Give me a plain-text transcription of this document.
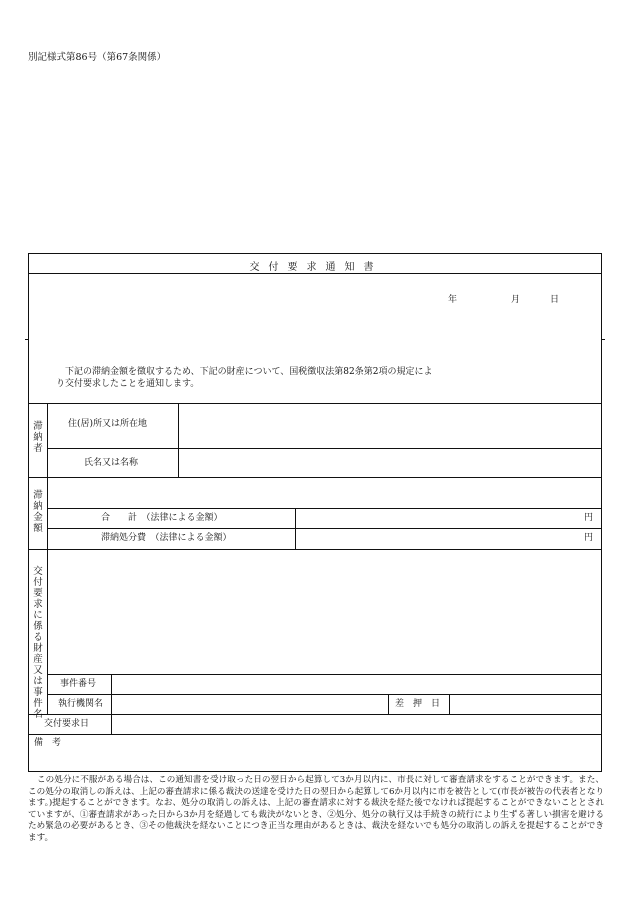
別記様式第86号（第67条関係）
交付要求通知書
年	月	日
下記の滞納金額を徴収するため、下記の財産について、国税徴収法第82条第2項の規定によ
り交付要求したことを通知します。
滞納者
住(居)所又は所在地
氏名又は名称
滞納金額
合　　計　（法律による金額）	円
滞納処分費　（法律による金額）	円
交付要求に係る財産又は事件名
事件番号
執行機関名	差　押　日
交付要求日
備　考
この処分に不服がある場合は、この通知書を受け取った日の翌日から起算して3か月以内に、市長に対して審査請求をすることができます。また、この処分の取消しの訴えは、上記の審査請求に係る裁決の送達を受けた日の翌日から起算して6か月以内に市を被告として(市長が被告の代表者となります。)提起することができます。なお、処分の取消しの訴えは、上記の審査請求に対する裁決を経た後でなければ提起することができないこととされていますが、①審査請求があった日から3か月を経過しても裁決がないとき、②処分、処分の執行又は手続きの続行により生ずる著しい損害を避けるため緊急の必要があるとき、③その他裁決を経ないことにつき正当な理由があるときは、裁決を経ないでも処分の取消しの訴えを提起することができます。
